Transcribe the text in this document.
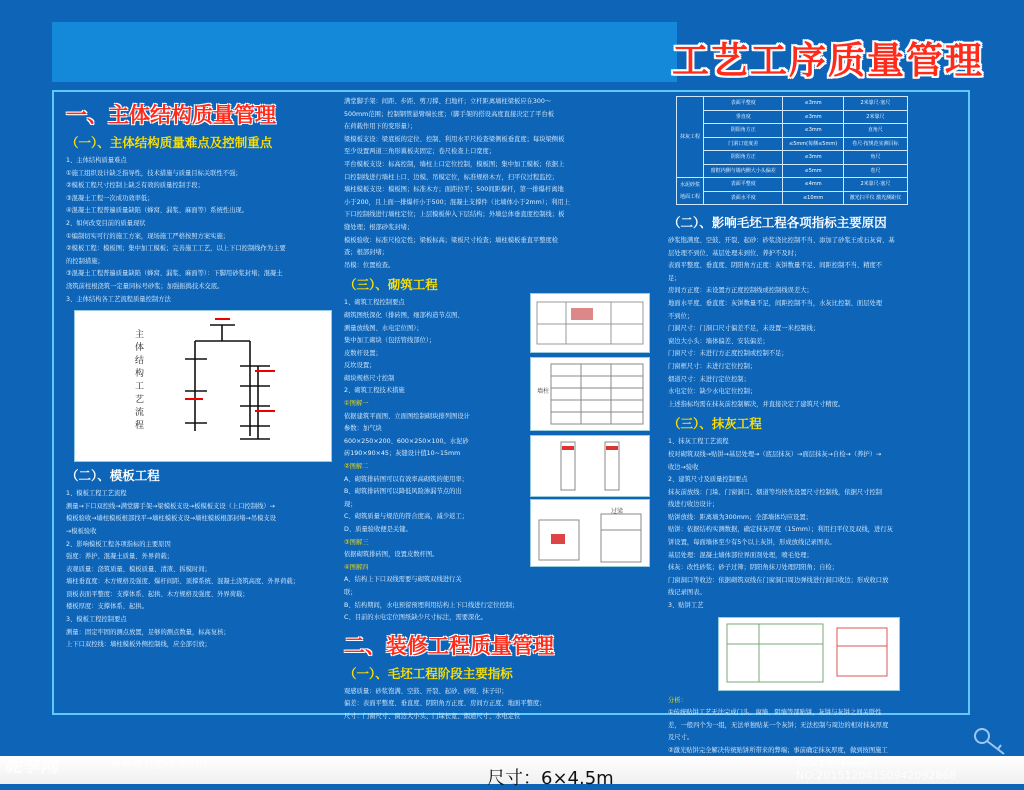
工艺工序质量管理
一、主体结构质量管理
（一）、主体结构质量难点及控制重点
1、主体结构质量难点
①施工组织设计缺乏指导性，技术措施与质量目标关联性不强；
②模板工程尺寸控制上缺乏有效的质量控制手段；
③混凝土工程一次成功效率低；
④混凝土工程普遍质量缺陷（蜂窝、漏浆、麻面等）系统性出现。
2、如何改变目前的质量现状
①编制切实可行的施工方案，现场施工严格按照方案实施；
②模板工程：模板图；集中加工模板；完善施工工艺，以上下口控制线作为主要
的控制措施；
③混凝土工程普遍质量缺陷（蜂窝、漏浆、麻面等）：下脚用砂浆封堵；混凝土
浇筑前柱根浇筑一定量同标号砂浆；加强振捣技术交底。
3、主体结构各工艺流程质量控制方法
主体结构工艺流程
（二）、模板工程
1、模板工程工艺流程
测量→下口双控线→满堂脚手架→梁模板支设→板模板支设（上口控制线）→
模板验收→墙柱模板根部找平→墙柱模板支设→墙柱模板根部封堵→吊模支设
→模板验收
2、影响模板工程各项指标的主要原因
强度：养护、混凝土质量、外界荷载；
表观质量：浇筑质量、模板质量、清渣、拆模时间；
墙柱垂直度：木方规格及强度、爆杆间距、顶撑系统、混凝土浇筑高度、外界荷载；
顶板表面平整度：支撑体系、起拱、木方规格及强度、外界荷载；
楼板厚度：支撑体系、起拱。
3、模板工程控制要点
测量：固定牢固的测点放置，足够的测点数量，标高复核；
上下口双控线：墙柱模板外侧控制线，应全部引放；
满堂脚手架：间距、步距、剪刀撑、扫地杆；立杆距离墙柱梁板应在300～
500mm范围；控制钢管悬臂端长度；（脚手架的搭设高度直接决定了平台板
在荷载作用下的变形量）；
梁模板支设：梁底板的定位、控制、利用水平尺检查梁侧板垂直度；每块梁侧板
至少设置两道三角形翼板夹固定；卷尺检查上口宽度；
平台模板支设：标高控制，墙柱上口定位控制，模板图；集中加工模板；依据上
口控制线进行墙柱上口、边模、吊模定位，标准规格木方，扫平仪过程监控；
墙柱模板支设：模板图；标准木方；面距拉平；500间距爆杆，第一排爆杆离地
小于200，且上面一排爆杆小于500；混凝土支撑件（比墙体小于2mm）；利用上
下口控制线进行墙柱定位；上层模板伸入下层结构；外墙总体垂直度控制线；板
缝处理；根部砂浆封堵；
模板验收：标准尺检定性；梁板标高；梁板尺寸检查；墙柱模板垂直平整度检
查；根部封堵；
吊模：位置检查。
（三）、砌筑工程
1、砌筑工程控制要点
砌筑图纸深化（排砖图，细部构造节点图、
测量放线图、水电定位图）；
集中加工砌块（包括管线部位）；
皮数杆设置；
反坎设置；
砌块规格尺寸控制
2、砌筑工程技术措施
①图解一
依据建筑平面图、立面图绘制砌块排列图设计
参数：加气块
600×250×200、600×250×100。水泥砂
砖190×90×45；灰缝设计值10~15mm
②图解二
A、砌筑排砖图可以有效率高砌筑的使用率；
B、砌筑排砖图可以降低风险渗漏节点的出
现；
C、砌筑质量与规范的符合度高，减少返工；
D、质量验收便是关键。
③图解三
依据砌筑排砖图，设置皮数杆图。
④图解四
A、结构上下口双线需要与砌筑双线进行关
联；
B、结构期间，水电预留预埋利用结构上下口线进行定位控制；
C、目前的水电定位图纸缺少尺寸标注，需要深化。
墙柱
过梁
二、装修工程质量管理
（一）、毛坯工程阶段主要指标
观感质量：砂浆饱满、空鼓、开裂、起砂、砂眼、抹子印；
偏差：表面平整度、垂直度、阴阳角方正度、房间方正度、地面平整度；
尺寸：门窗尺寸、窗边大小头、门垛长宽、烟道尺寸、水电定位
抹灰工程	表面平整度	≤3mm	2米靠尺·塞尺
	垂直度	≤3mm	2米靠尺
	阴阳角方正	≤3mm	直角尺
	门洞口宽度差	≤5mm(每侧≤5mm)	卷尺·按规范实测目标
	阴阳角方正	≤3mm	角尺
	窗框内侧与墙内侧大小头偏差	≤5mm	卷尺
水泥砂浆地面工程	表面平整度	≤4mm	2米靠尺·塞尺
	表面水平度	≤10mm	激光扫平仪 激光测距仪
（二）、影响毛坯工程各项指标主要原因
砂浆饱满度、空鼓、开裂、起砂：砂浆浇比控制不当、添加了砂浆王或石灰膏、基
层处理不到位、基层处理未到位、养护不及时；
表面平整度、垂直度、阴阳角方正度：灰饼数量不足、间距控制不当、精度不
足；
房间方正度：未设置方正度控制线或控制线误差大；
地面水平度、垂直度：灰饼数量不足，间距控制不当，水灰比控制、面层处理
不到位；
门洞尺寸：门洞口尺寸偏差不足，未设置一米控制线；
窗边大小头：墙体偏差、安装偏差；
门窗尺寸：未进行方正度控制或控制不足；
门窗框尺寸：未进行定位控制；
烟道尺寸：未进行定位控制；
水电定位：缺少水电定位控制；
上述指标均需在抹灰前控制解决，并直接决定了建筑尺寸精度。
（三）、抹灰工程
1、抹灰工程工艺流程
校对砌筑双线→贴饼→基层处理→（底层抹灰）→面层抹灰→自检→（养护）→
收边→验收
2、建筑尺寸及质量控制要点
抹灰前放线：门垛、门窗洞口、烟道等均按先设置尺寸控制线，依据尺寸控制
线进行收边设计；
贴饼放线：距离墙为300mm；全部墙体均应设置；
贴饼：依据结构实测数据，确定抹灰厚度（15mm）；利用扫平仪及双线，进行灰
饼设置，每面墙体至少有5个以上灰饼，形成放线记录图表。
基层处理：混凝土墙体部位界面剂处理，喷毛处理；
抹灰：改性砂浆；砂子过筛；阴阳角抹刀处理阴阳角；自检；
门窗洞口等收边：依据砌筑双线在门窗洞口周边弹线进行洞口收边；形成收口放
线记录图表。
3、贴饼工艺
分析：
①传统贴饼工艺无法完成门头、窗墙、阴墙等部贴饼，灰饼与灰饼之间关联性
差，一般四个为一组，无法单独贴某一个灰饼；无法控制与周边的相对抹灰厚度
及尺寸。
②激光贴饼完全解决传统贴饼所带来的弊端；事前确定抹灰厚度，做到按图施工
尺寸：6×4.5m
昵享网	www.nipic.com	ID:21901448 NO:20151204150942092868
